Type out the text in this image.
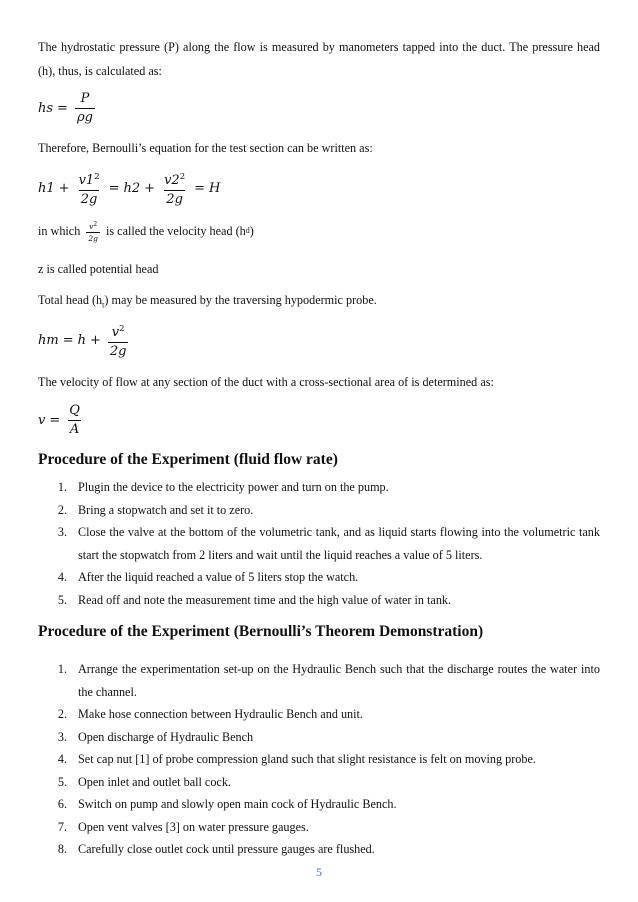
The hydrostatic pressure (P) along the flow is measured by manometers tapped into the duct. The pressure head (h), thus, is calculated as:

hs = $\frac{P}{\rho g}$

Therefore, Bernoulli’s equation for the test section can be written as:

$h1 + \frac{v1^2}{2g} = h2 + \frac{v2^2}{2g} = H$
in which $\frac{v^2}{2g}$ is called the velocity head (h d )

z is called potential head

Total head $(h_t)$ may be measured by the traversing hypodermic probe.

hm = $h + \frac{v^2}{2g}$

The velocity of flow at any section of the duct with a cross-sectional area of is determined as:

$v = \frac{Q}{A}$
Procedure of the Experiment (fluid flow rate)
1. Plugin the device to the electricity power and turn on the pump.
2. Bring a stopwatch and set it to zero.
3. Close the valve at the bottom of the volumetric tank, and as liquid starts flowing into the volumetric tank start the stopwatch from 2 liters and wait until the liquid reaches a value of 5 liters.
4. After the liquid reached a value of 5 liters stop the watch.
5. Read off and note the measurement time and the high value of water in tank.
Procedure of the Experiment (Bernoulli’s Theorem Demonstration)
1. Arrange the experimentation set-up on the Hydraulic Bench such that the discharge routes the water into the channel.
2. Make hose connection between Hydraulic Bench and unit.
3. Open discharge of Hydraulic Bench
4. Set cap nut [1] of probe compression gland such that slight resistance is felt on moving probe.
5. Open inlet and outlet ball cock.
6. Switch on pump and slowly open main cock of Hydraulic Bench.
7. Open vent valves [3] on water pressure gauges.
8. Carefully close outlet cock until pressure gauges are flushed.
5
